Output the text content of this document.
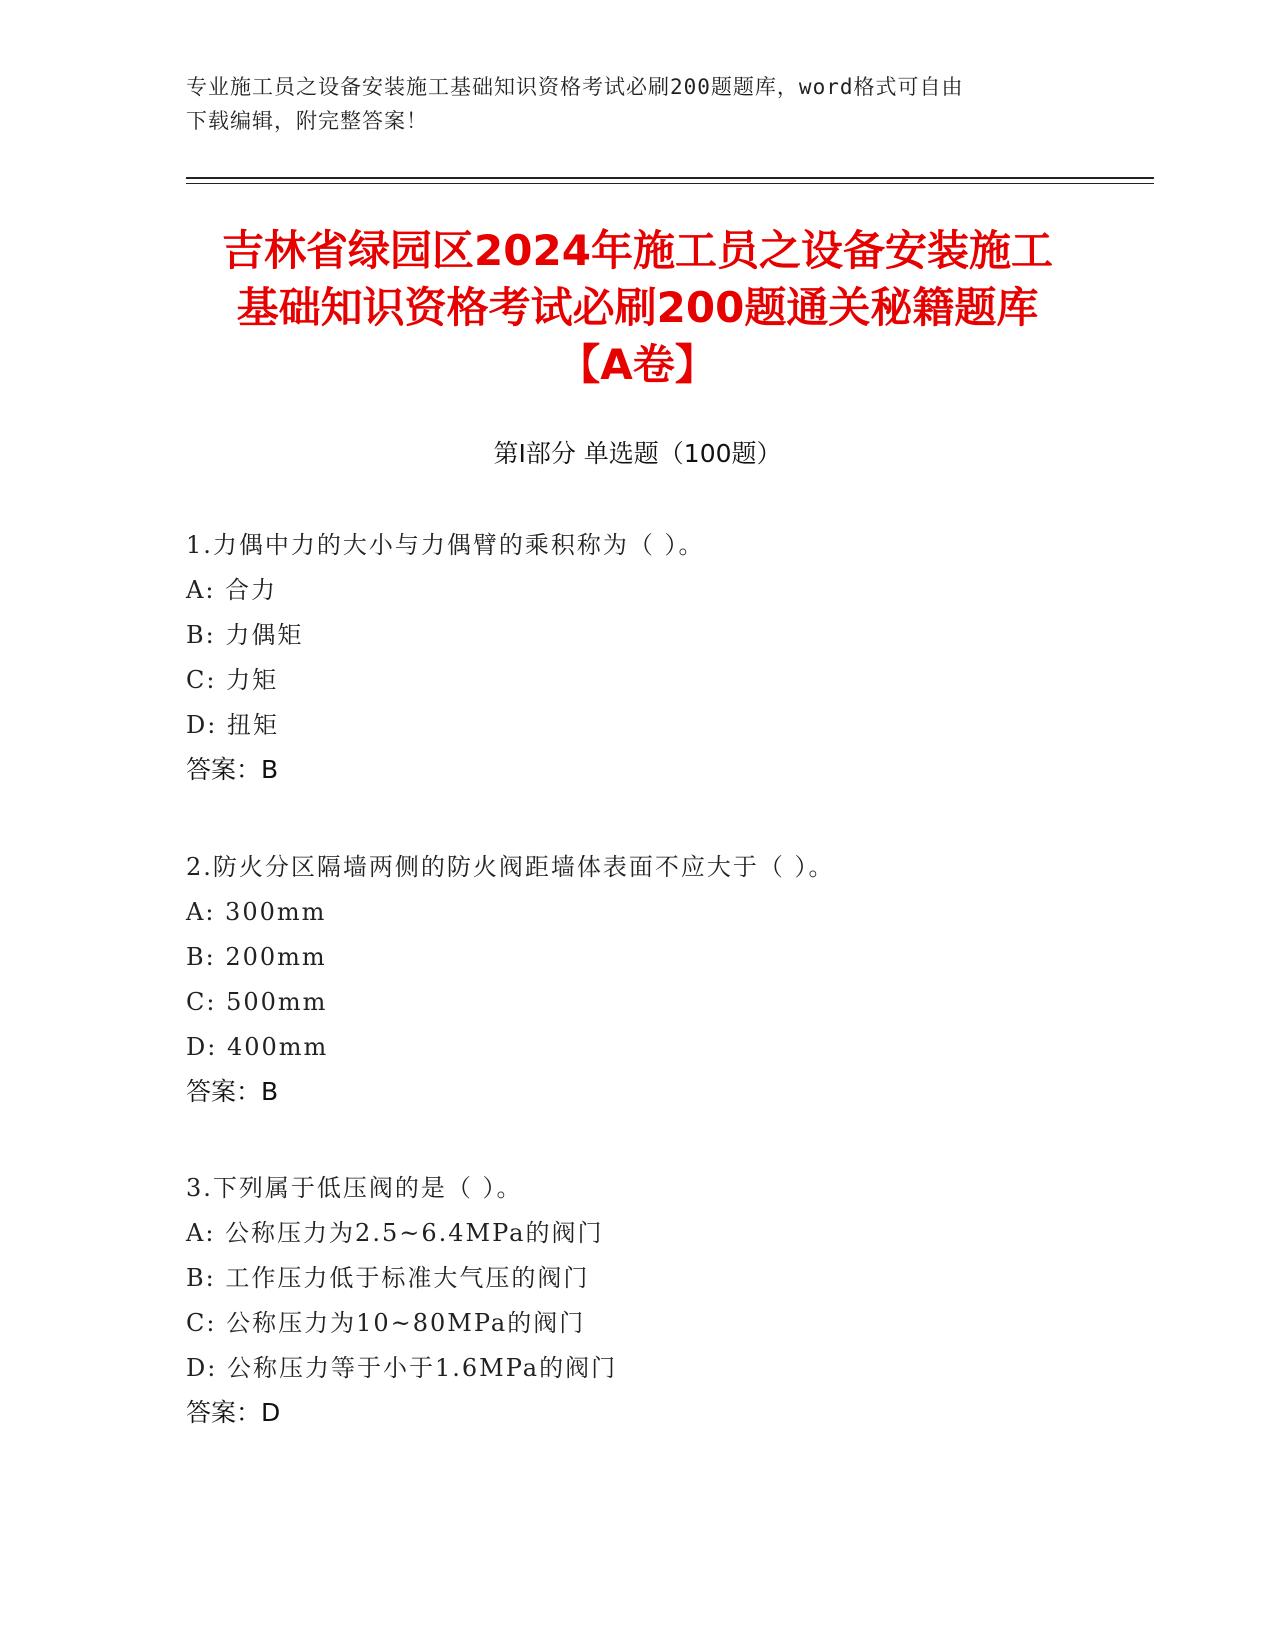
专业施工员之设备安装施工基础知识资格考试必刷200题题库，word格式可自由
下载编辑，附完整答案！
吉林省绿园区2024年施工员之设备安装施工
基础知识资格考试必刷200题通关秘籍题库
【A卷】
第Ⅰ部分 单选题（100题）

1.力偶中力的大小与力偶臂的乘积称为（ ）。

A: 合力

B: 力偶矩

C: 力矩

D: 扭矩

答案：B

2.防火分区隔墙两侧的防火阀距墙体表面不应大于（ ）。

A: 300mm

B: 200mm

C: 500mm

D: 400mm

答案：B

3.下列属于低压阀的是（ ）。

A: 公称压力为2.5~6.4MPa的阀门

B: 工作压力低于标准大气压的阀门

C: 公称压力为10~80MPa的阀门

D: 公称压力等于小于1.6MPa的阀门

答案：D
